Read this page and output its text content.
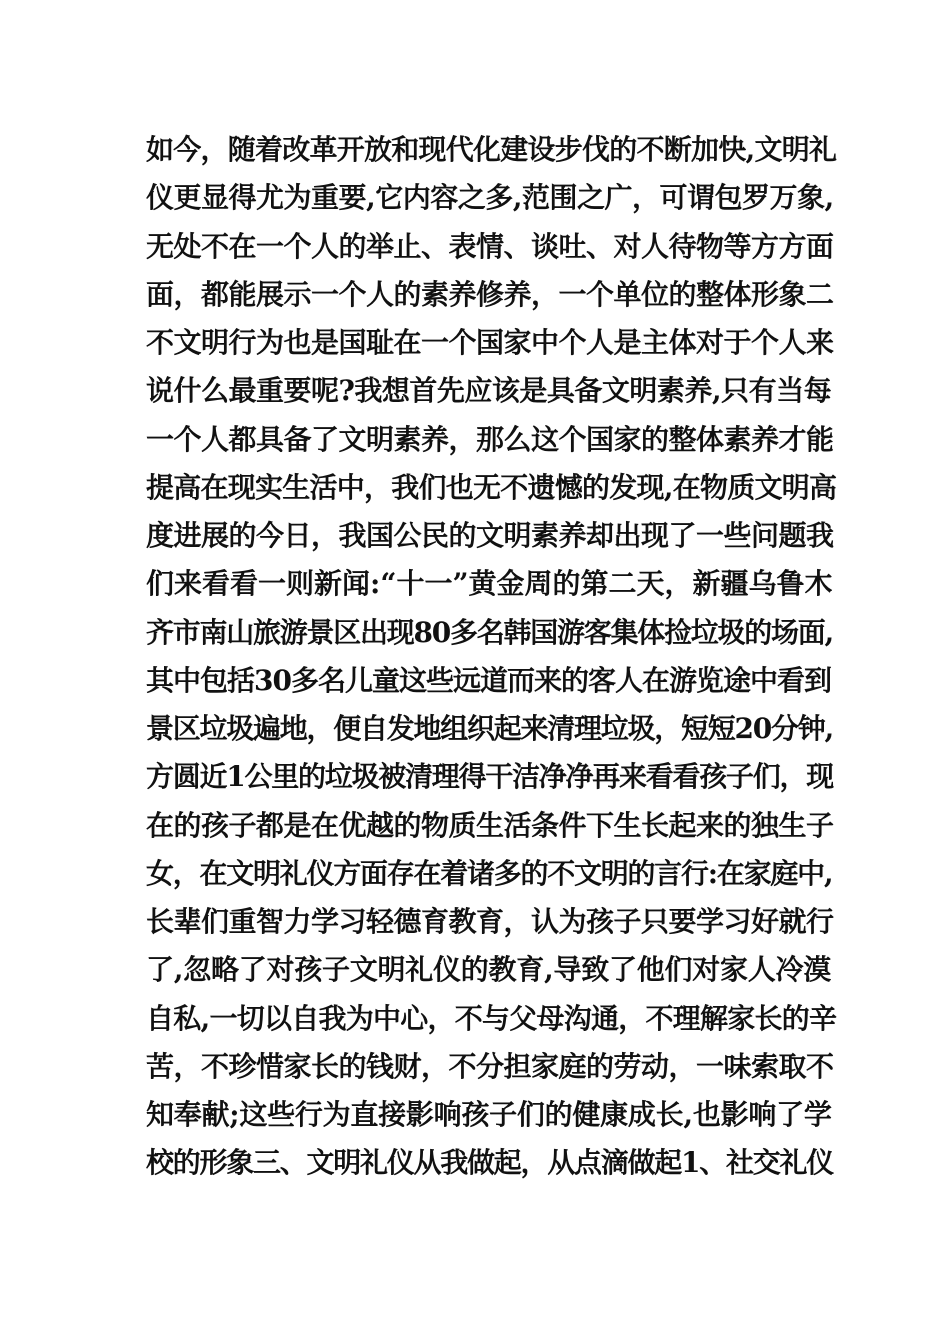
如今，随着改革开放和现代化建设步伐的不断加快,文明礼
仪更显得尤为重要,它内容之多,范围之广，可谓包罗万象,
无处不在一个人的举止、表情、谈吐、对人待物等方方面
面，都能展示一个人的素养修养，一个单位的整体形象二
不文明行为也是国耻在一个国家中个人是主体对于个人来
说什么最重要呢?我想首先应该是具备文明素养,只有当每
一个人都具备了文明素养，那么这个国家的整体素养才能
提高在现实生活中，我们也无不遗憾的发现,在物质文明高
度进展的今日，我国公民的文明素养却出现了一些问题我
们来看看一则新闻:“十一”黄金周的第二天，新疆乌鲁木
齐市南山旅游景区出现80多名韩国游客集体捡垃圾的场面,
其中包括30多名儿童这些远道而来的客人在游览途中看到
景区垃圾遍地，便自发地组织起来清理垃圾，短短20分钟,
方圆近1公里的垃圾被清理得干洁净净再来看看孩子们，现
在的孩子都是在优越的物质生活条件下生长起来的独生子
女，在文明礼仪方面存在着诸多的不文明的言行:在家庭中,
长辈们重智力学习轻德育教育，认为孩子只要学习好就行
了,忽略了对孩子文明礼仪的教育,导致了他们对家人冷漠
自私,一切以自我为中心，不与父母沟通，不理解家长的辛
苦，不珍惜家长的钱财，不分担家庭的劳动，一味索取不
知奉献;这些行为直接影响孩子们的健康成长,也影响了学
校的形象三、文明礼仪从我做起，从点滴做起1、社交礼仪
